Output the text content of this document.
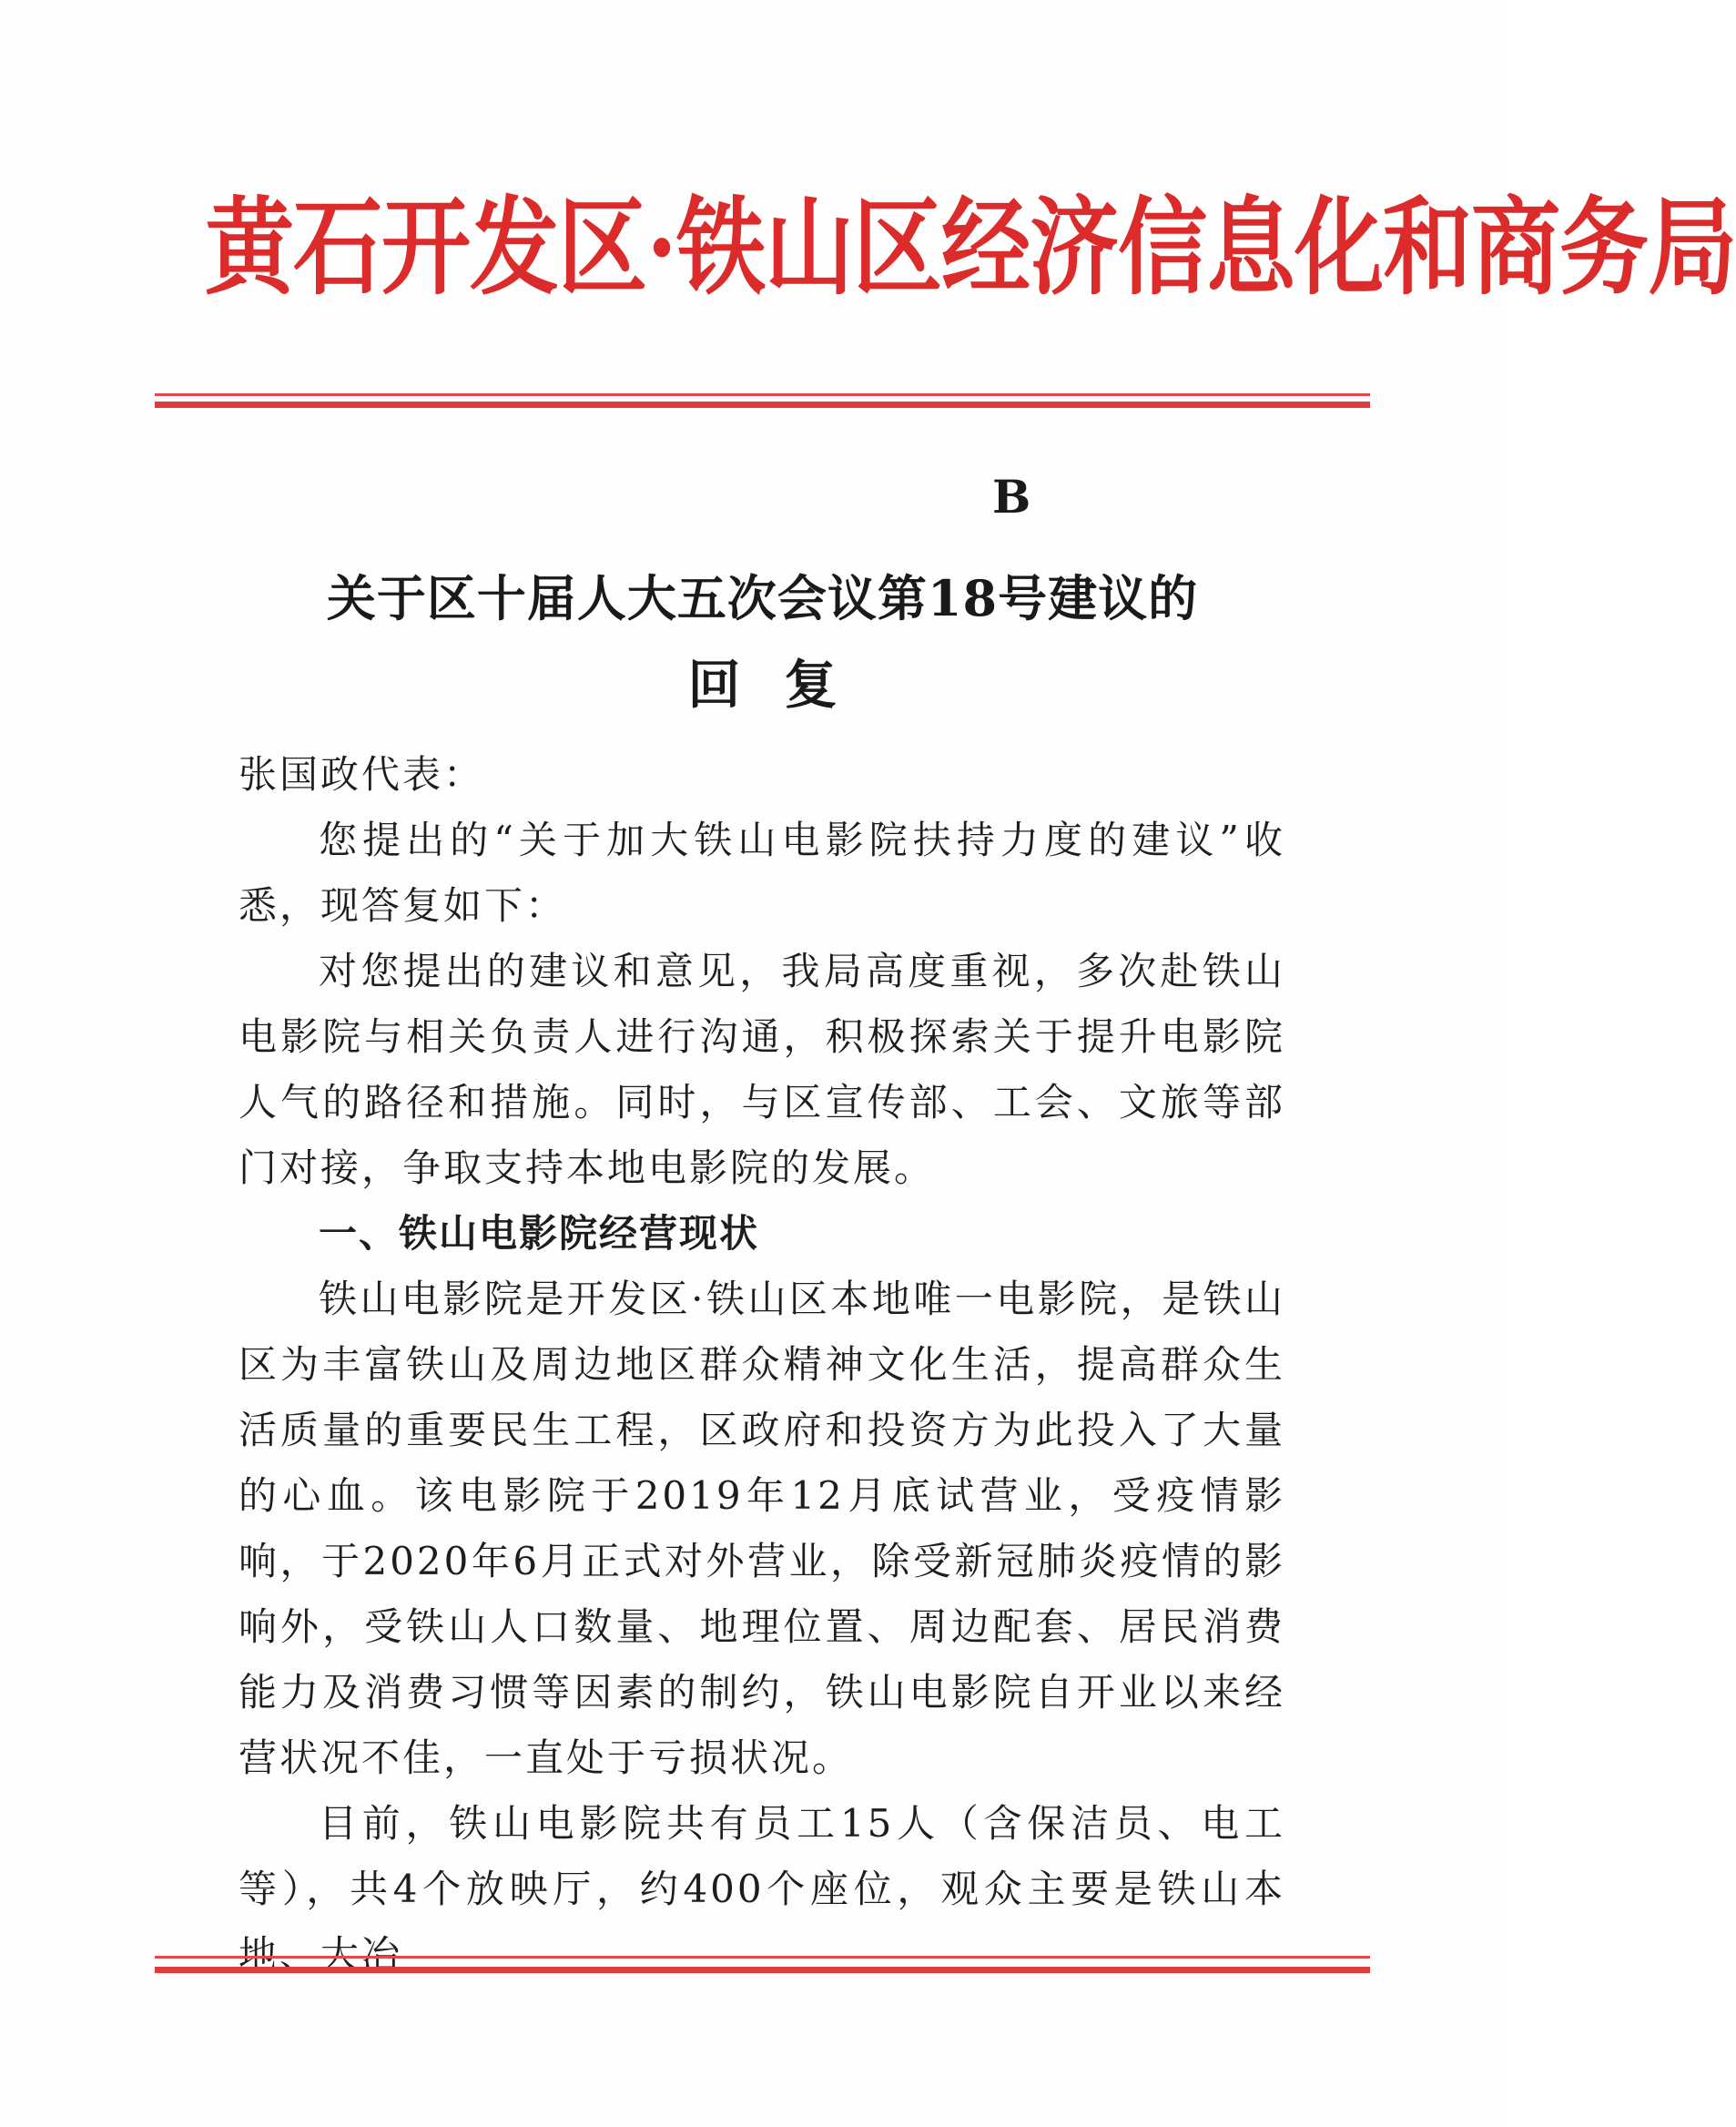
黄石开发区·铁山区经济信息化和商务局
B
关于区十届人大五次会议第18号建议的
回复

张国政代表：

您提出的“关于加大铁山电影院扶持力度的建议”收悉，现答复如下：

对您提出的建议和意见，我局高度重视，多次赴铁山电影院与相关负责人进行沟通，积极探索关于提升电影院人气的路径和措施。同时，与区宣传部、工会、文旅等部门对接，争取支持本地电影院的发展。

一、铁山电影院经营现状

铁山电影院是开发区·铁山区本地唯一电影院，是铁山区为丰富铁山及周边地区群众精神文化生活，提高群众生活质量的重要民生工程，区政府和投资方为此投入了大量的心血。该电影院于2019年12月底试营业，受疫情影响，于2020年6月正式对外营业，除受新冠肺炎疫情的影响外，受铁山人口数量、地理位置、周边配套、居民消费能力及消费习惯等因素的制约，铁山电影院自开业以来经营状况不佳，一直处于亏损状况。

目前，铁山电影院共有员工15人（含保洁员、电工等），共4个放映厅，约400个座位，观众主要是铁山本地、大冶
